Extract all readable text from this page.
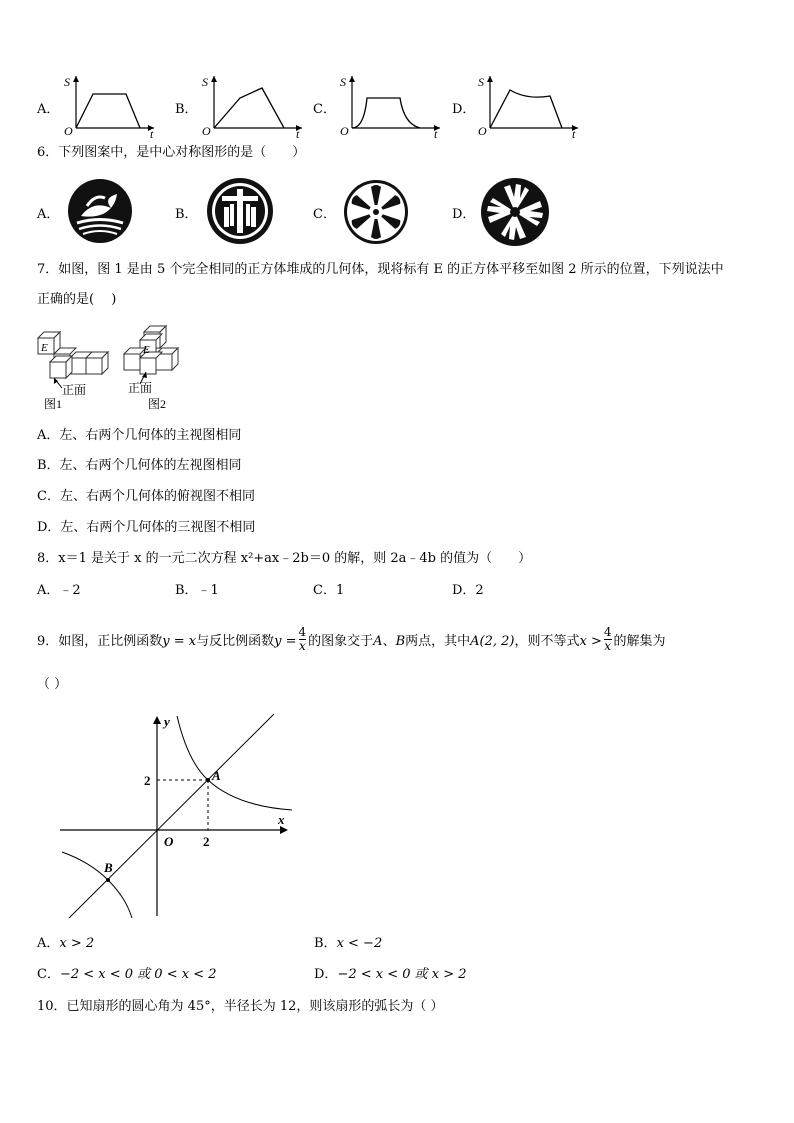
A．
S
O	t
B．
S
O	t
C．
S
O	t
D．
S
O	t
6．下列图案中，是中心对称图形的是（　　）
A．	B．	C．	D．
7．如图，图 1 是由 5 个完全相同的正方体堆成的几何体，现将标有 E 的正方体平移至如图 2 所示的位置，下列说法中
正确的是(　 )
E
正面
图1
E
正面
图2
A．左、右两个几何体的主视图相同
B．左、右两个几何体的左视图相同
C．左、右两个几何体的俯视图不相同
D．左、右两个几何体的三视图不相同
8．x＝1 是关于 x 的一元二次方程 x²+ax﹣2b＝0 的解，则 2a﹣4b 的值为（　　）
A．﹣2	B．﹣1	C．1	D．2
9．如图，正比例函数y = x与反比例函数$y = \frac{4}{x}$ 的图象交于A、B两点，其中A(2, 2)，则不等式$x > \frac{4}{x}$ 的解集为
（ ）
y
x
O 2
2	A
B
A．x > 2	B．x < −2
C．−2 < x < 0 或 0 < x < 2	D．−2 < x < 0 或 x > 2
10．已知扇形的圆心角为 45°，半径长为 12，则该扇形的弧长为（ ）
